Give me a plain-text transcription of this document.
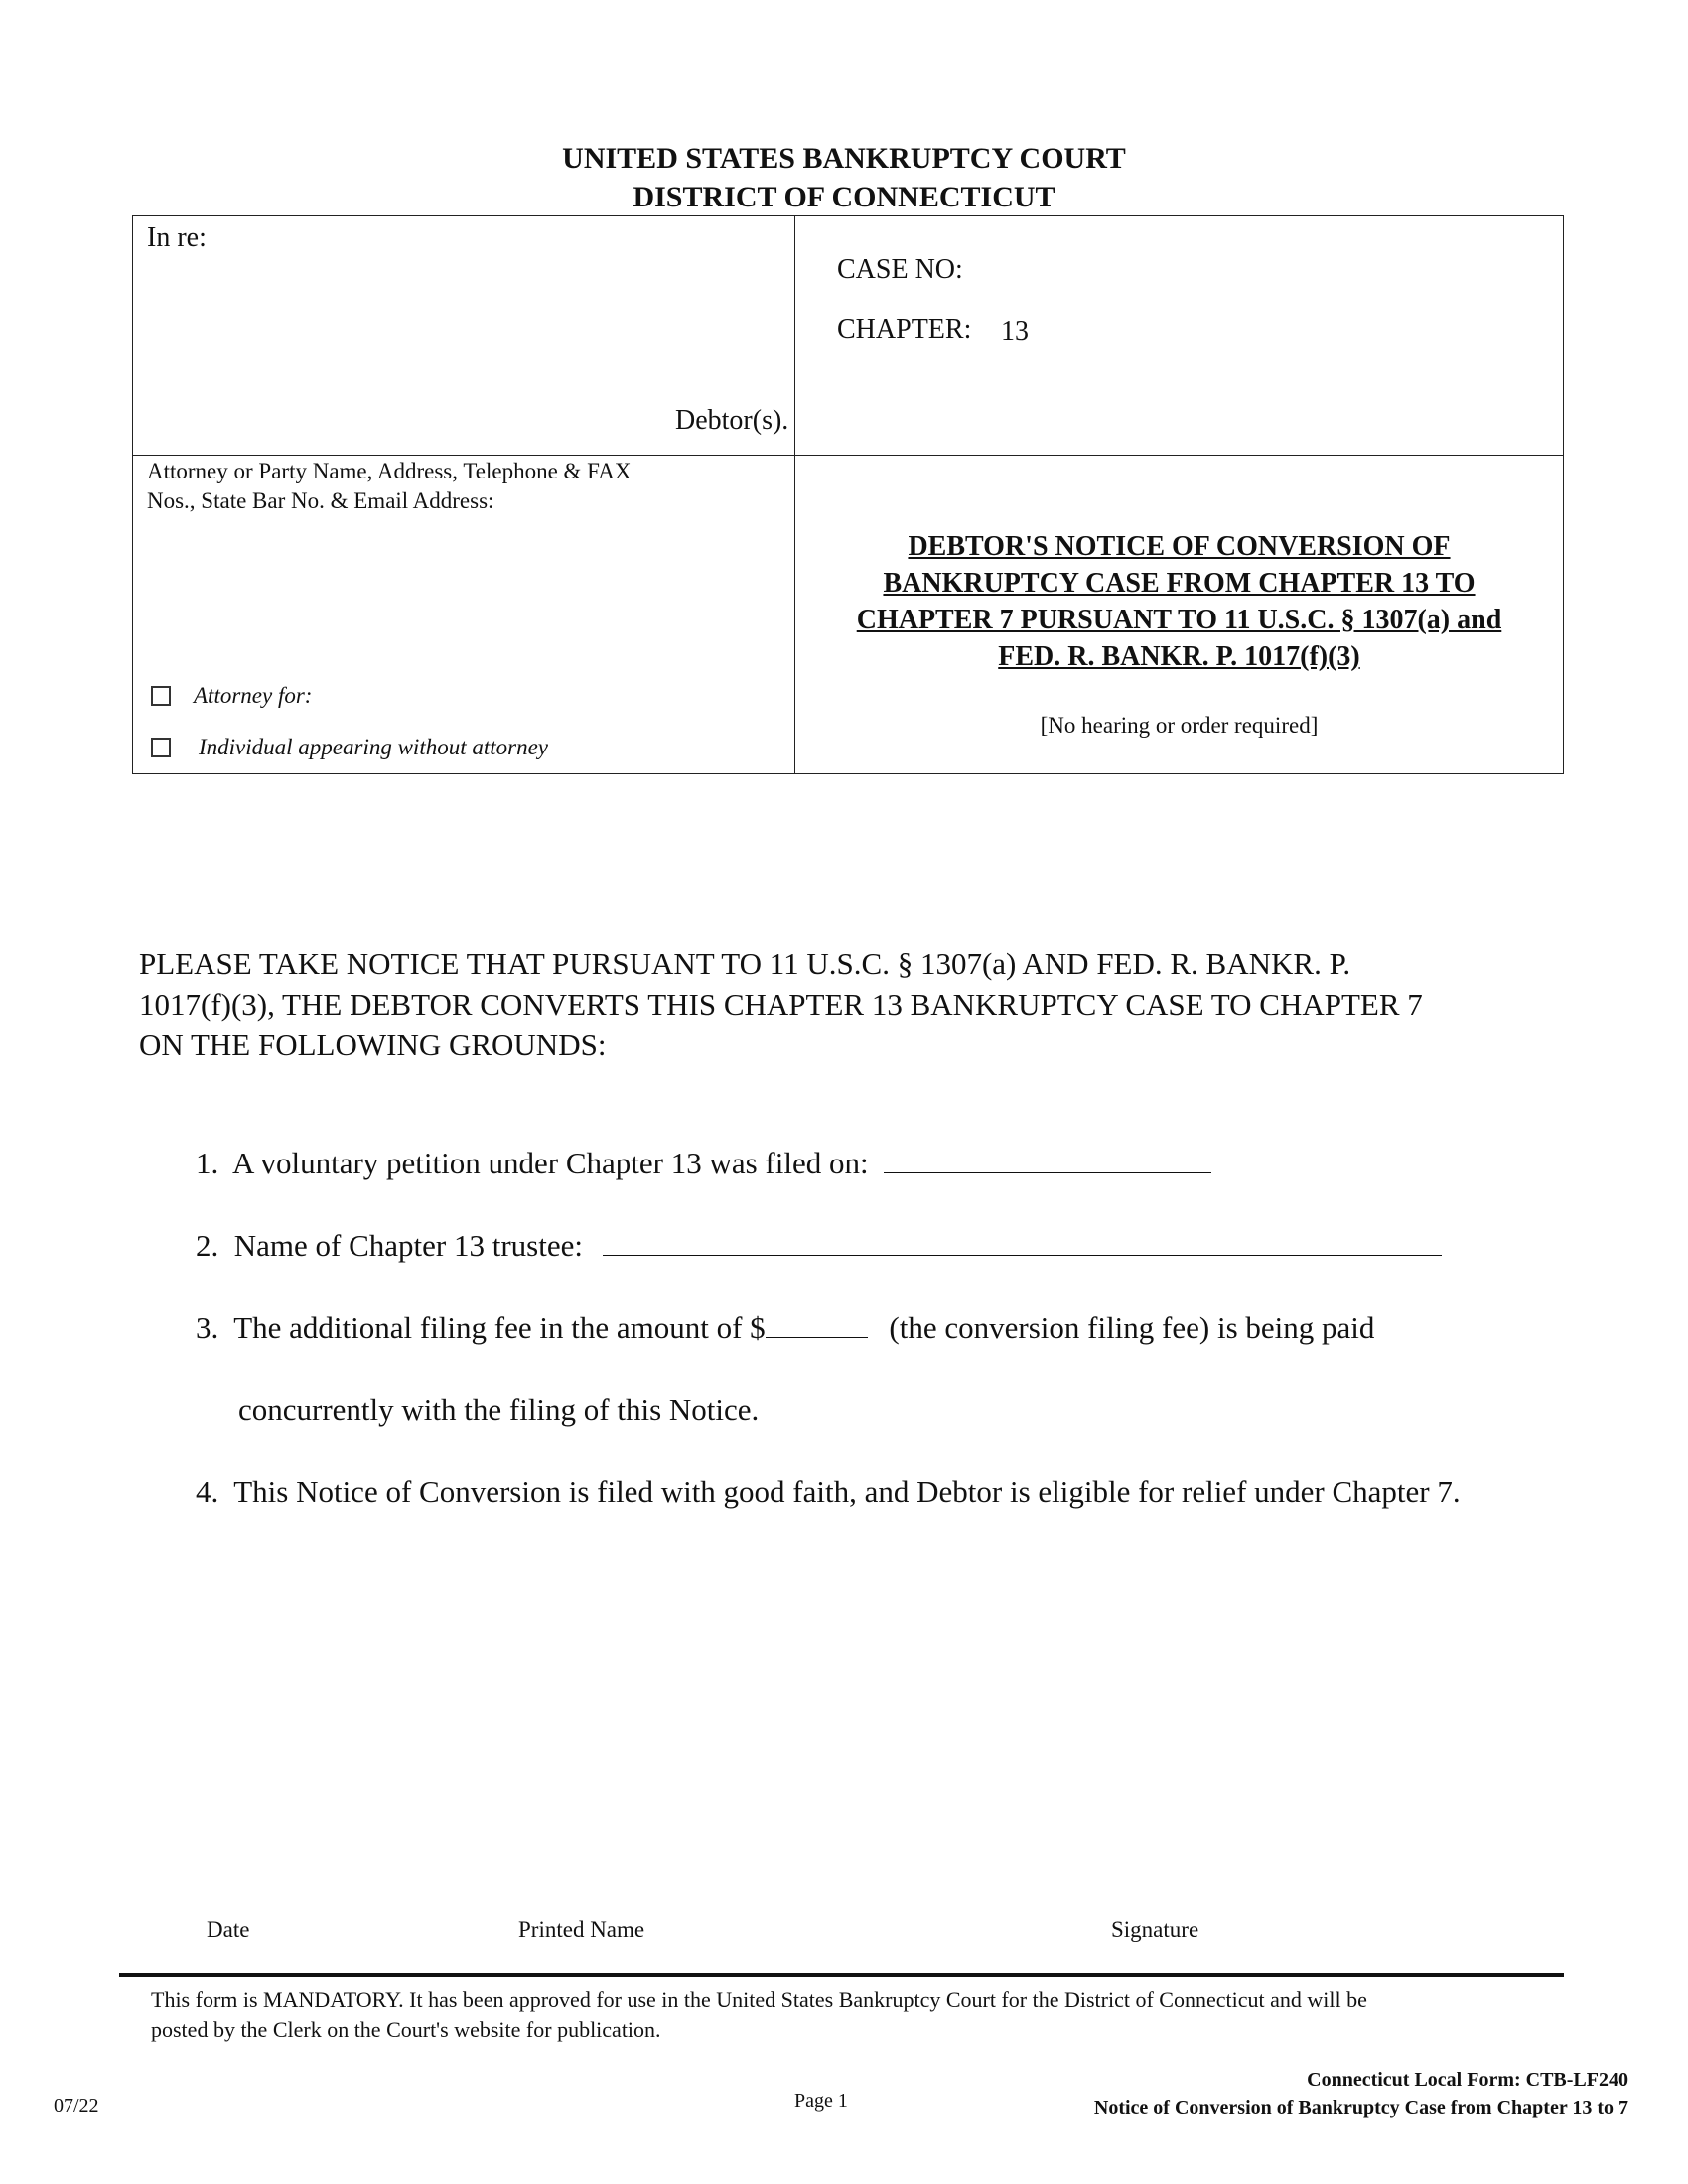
UNITED STATES BANKRUPTCY COURT
DISTRICT OF CONNECTICUT
In re:
Debtor(s).
CASE NO:
CHAPTER: 13
Attorney or Party Name, Address, Telephone & FAX
Nos., State Bar No. & Email Address:
Attorney for:
Individual appearing without attorney
DEBTOR'S NOTICE OF CONVERSION OF
BANKRUPTCY CASE FROM CHAPTER 13 TO
CHAPTER 7 PURSUANT TO 11 U.S.C. § 1307(a) and
FED. R. BANKR. P. 1017(f)(3)
[No hearing or order required]
PLEASE TAKE NOTICE THAT PURSUANT TO 11 U.S.C. § 1307(a) AND FED. R. BANKR. P.
1017(f)(3), THE DEBTOR CONVERTS THIS CHAPTER 13 BANKRUPTCY CASE TO CHAPTER 7
ON THE FOLLOWING GROUNDS:
1. A voluntary petition under Chapter 13 was filed on:
2. Name of Chapter 13 trustee:
3. The additional filing fee in the amount of $	(the conversion filing fee) is being paid
concurrently with the filing of this Notice.
4. This Notice of Conversion is filed with good faith, and Debtor is eligible for relief under Chapter 7.
Date	Printed Name	Signature
This form is MANDATORY. It has been approved for use in the United States Bankruptcy Court for the District of Connecticut and will be
posted by the Clerk on the Court's website for publication.
07/22	Page 1
Connecticut Local Form: CTB-LF240
Notice of Conversion of Bankruptcy Case from Chapter 13 to 7
